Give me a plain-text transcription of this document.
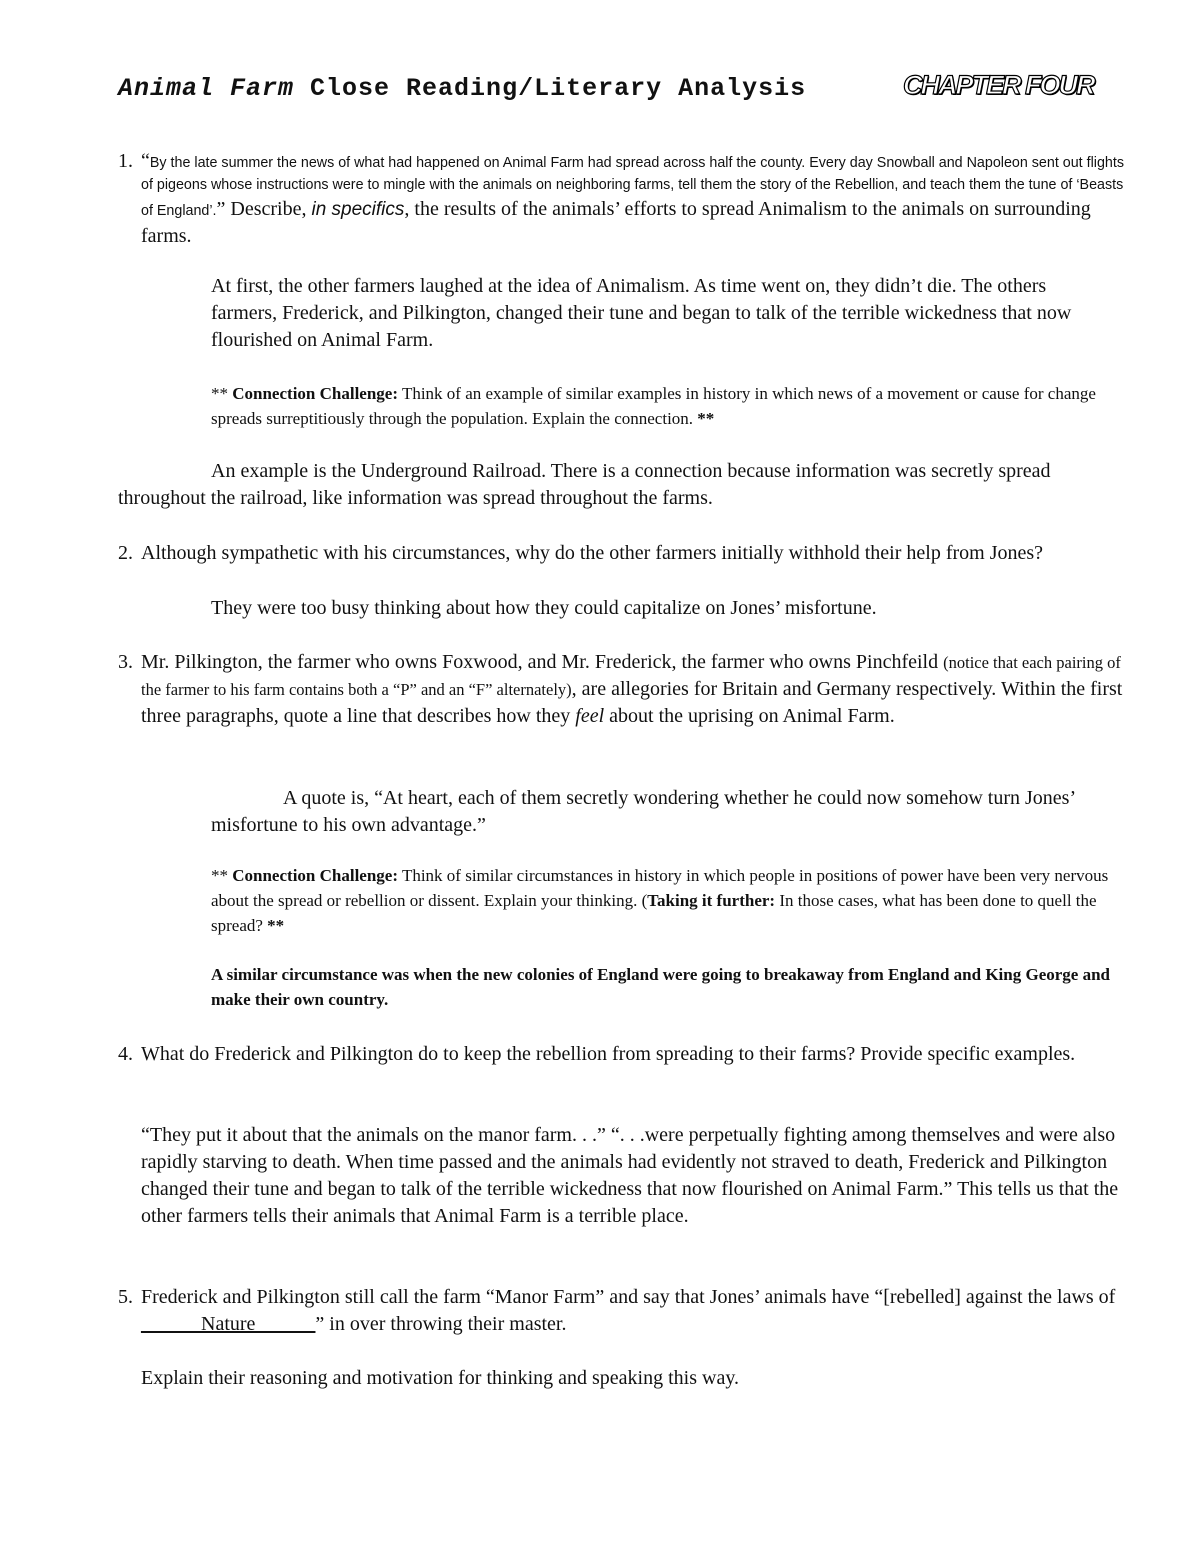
Animal Farm Close Reading/Literary Analysis	CHAPTER FOUR
1. “By the late summer the news of what had happened on Animal Farm had spread across half the county. Every day Snowball and Napoleon sent out flights of pigeons whose instructions were to mingle with the animals on neighboring farms, tell them the story of the Rebellion, and teach them the tune of ‘Beasts of England’.” Describe, in specifics, the results of the animals’ efforts to spread Animalism to the animals on surrounding farms.
At first, the other farmers laughed at the idea of Animalism. As time went on, they didn’t die. The others farmers, Frederick, and Pilkington, changed their tune and began to talk of the terrible wickedness that now flourished on Animal Farm.
** Connection Challenge: Think of an example of similar examples in history in which news of a movement or cause for change spreads surreptitiously through the population. Explain the connection. **
An example is the Underground Railroad. There is a connection because information was secretly spread throughout the railroad, like information was spread throughout the farms.
2. Although sympathetic with his circumstances, why do the other farmers initially withhold their help from Jones?
They were too busy thinking about how they could capitalize on Jones’ misfortune.
3. Mr. Pilkington, the farmer who owns Foxwood, and Mr. Frederick, the farmer who owns Pinchfeild (notice that each pairing of the farmer to his farm contains both a “P” and an “F” alternately), are allegories for Britain and Germany respectively. Within the first three paragraphs, quote a line that describes how they feel about the uprising on Animal Farm.
A quote is, “At heart, each of them secretly wondering whether he could now somehow turn Jones’ misfortune to his own advantage.”
** Connection Challenge: Think of similar circumstances in history in which people in positions of power have been very nervous about the spread or rebellion or dissent. Explain your thinking. (Taking it further: In those cases, what has been done to quell the spread? **
A similar circumstance was when the new colonies of England were going to breakaway from England and King George and make their own country.
4. What do Frederick and Pilkington do to keep the rebellion from spreading to their farms? Provide specific examples.
“They put it about that the animals on the manor farm. . .” “. . .were perpetually fighting among themselves and were also rapidly starving to death. When time passed and the animals had evidently not straved to death, Frederick and Pilkington changed their tune and began to talk of the terrible wickedness that now flourished on Animal Farm.” This tells us that the other farmers tells their animals that Animal Farm is a terrible place.
5. Frederick and Pilkington still call the farm “Manor Farm” and say that Jones’ animals have “[rebelled] against the laws of ______Nature______” in over throwing their master.
Explain their reasoning and motivation for thinking and speaking this way.
